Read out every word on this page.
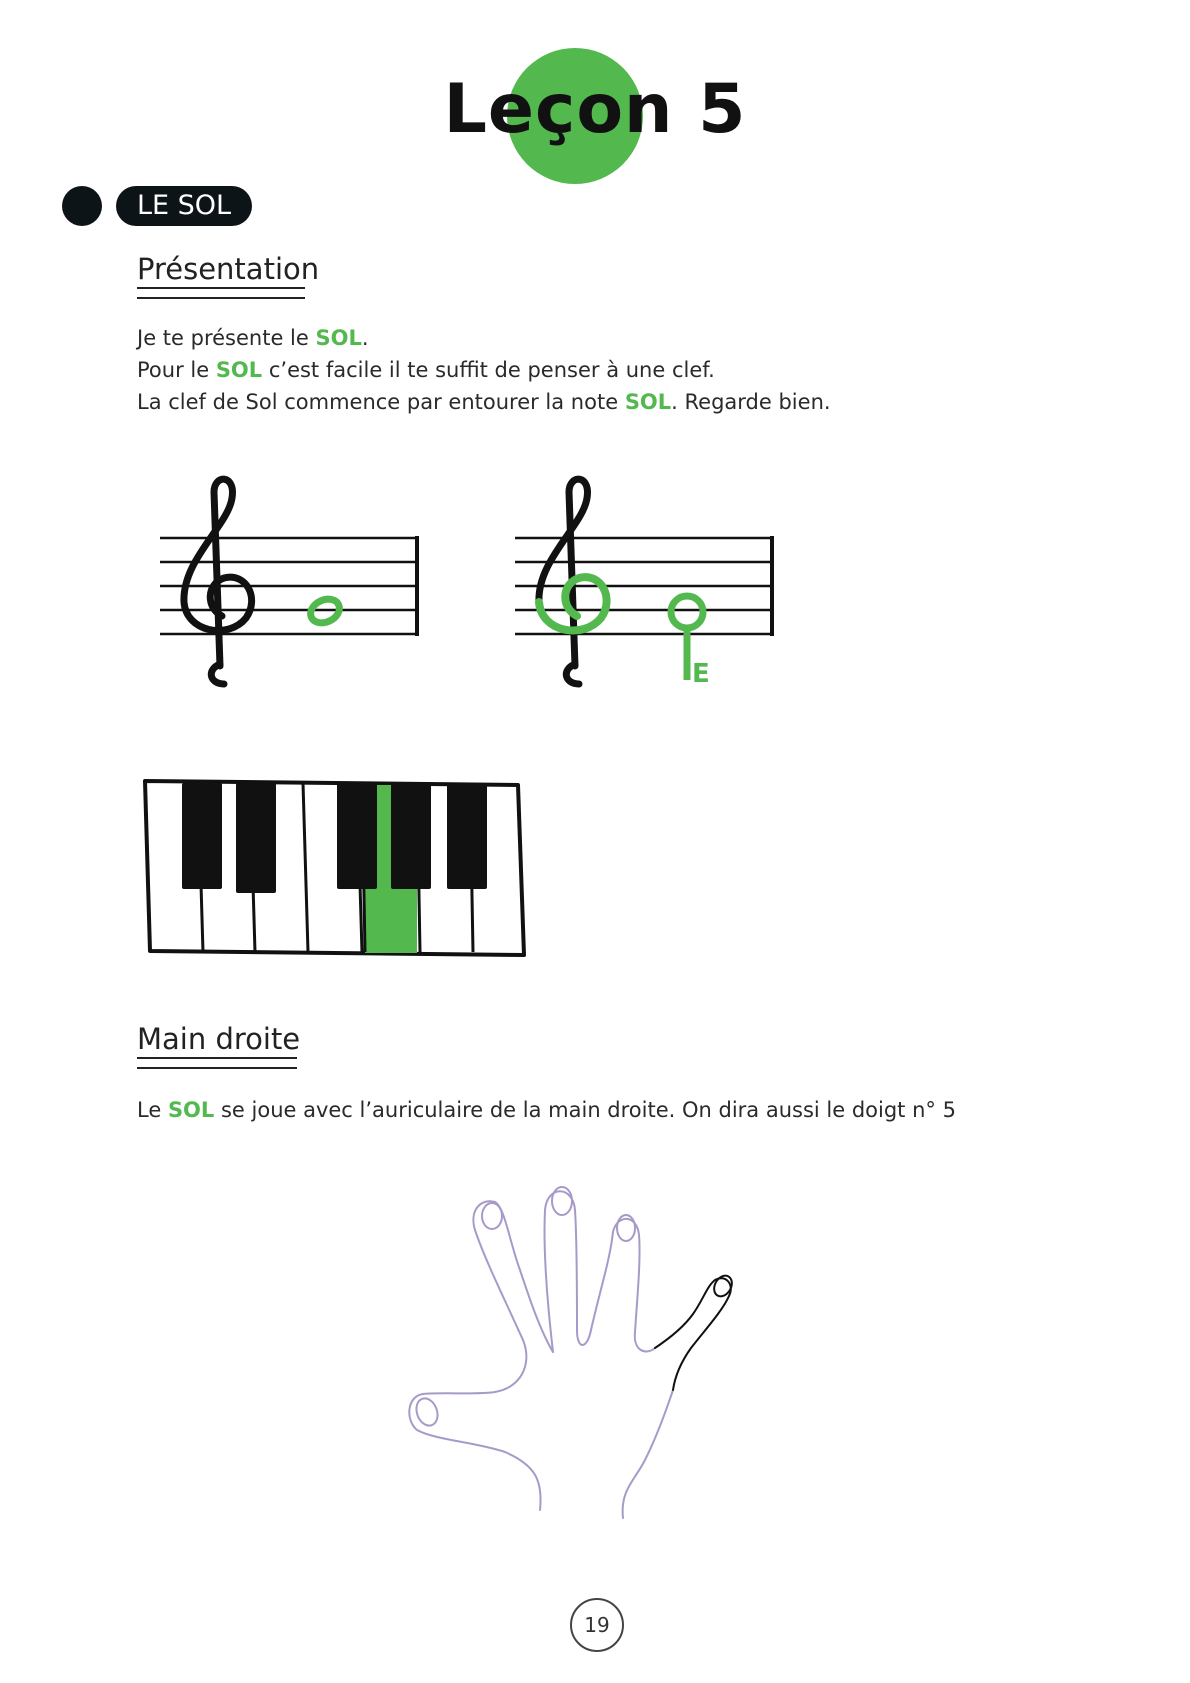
Leçon 5
LE SOL
Présentation
Je te présente le SOL.
Pour le SOL c’est facile il te suffit de penser à une clef.
La clef de Sol commence par entourer la note SOL. Regarde bien.
E
Main droite
Le SOL se joue avec l’auriculaire de la main droite. On dira aussi le doigt n° 5
19
